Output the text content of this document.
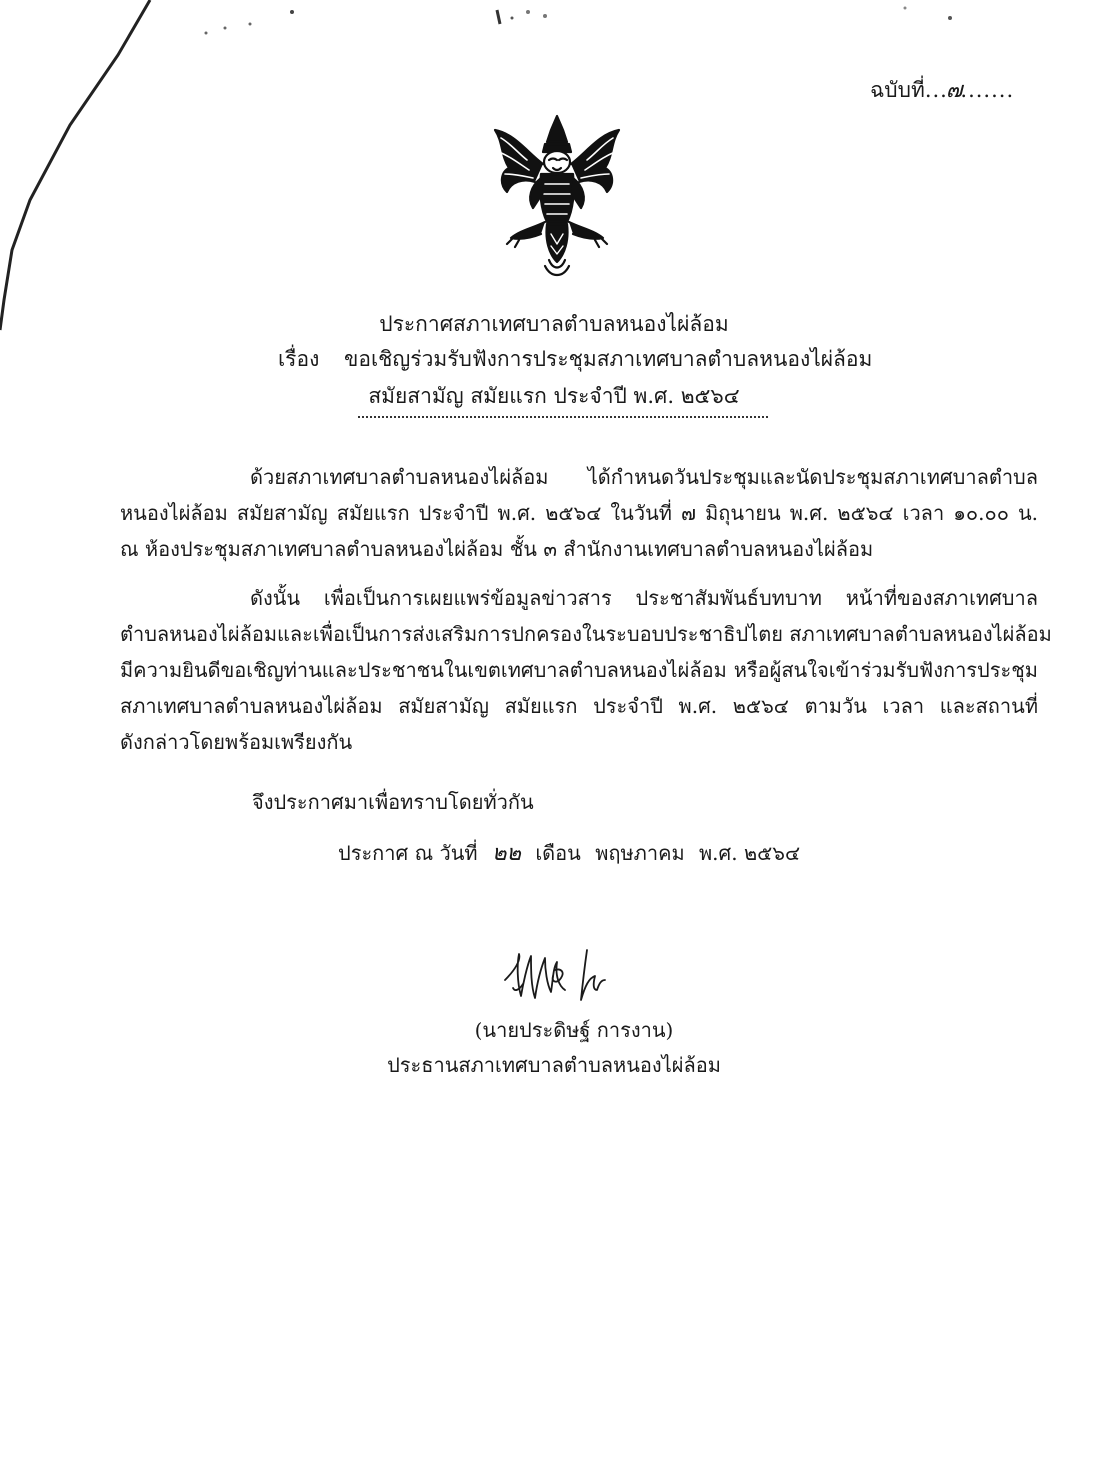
ฉบับที่...๗.......
ประกาศสภาเทศบาลตำบลหนองไผ่ล้อม
เรื่อง ขอเชิญร่วมรับฟังการประชุมสภาเทศบาลตำบลหนองไผ่ล้อม
สมัยสามัญ สมัยแรก ประจำปี พ.ศ. ๒๕๖๔
ด้วยสภาเทศบาลตำบลหนองไผ่ล้อม ได้กำหนดวันประชุมและนัดประชุมสภาเทศบาลตำบล
หนองไผ่ล้อม สมัยสามัญ สมัยแรก ประจำปี พ.ศ. ๒๕๖๔ ในวันที่ ๗ มิถุนายน พ.ศ. ๒๕๖๔ เวลา ๑๐.๐๐ น.
ณ ห้องประชุมสภาเทศบาลตำบลหนองไผ่ล้อม ชั้น ๓ สำนักงานเทศบาลตำบลหนองไผ่ล้อม
ดังนั้น เพื่อเป็นการเผยแพร่ข้อมูลข่าวสาร ประชาสัมพันธ์บทบาท หน้าที่ของสภาเทศบาล
ตำบลหนองไผ่ล้อมและเพื่อเป็นการส่งเสริมการปกครองในระบอบประชาธิปไตย สภาเทศบาลตำบลหนองไผ่ล้อม
มีความยินดีขอเชิญท่านและประชาชนในเขตเทศบาลตำบลหนองไผ่ล้อม หรือผู้สนใจเข้าร่วมรับฟังการประชุม
สภาเทศบาลตำบลหนองไผ่ล้อม สมัยสามัญ สมัยแรก ประจำปี พ.ศ. ๒๕๖๔ ตามวัน เวลา และสถานที่
ดังกล่าวโดยพร้อมเพรียงกัน
จึงประกาศมาเพื่อทราบโดยทั่วกัน
ประกาศ ณ วันที่ ๒๒ เดือน พฤษภาคม พ.ศ. ๒๕๖๔
(นายประดิษฐ์ การงาน)
ประธานสภาเทศบาลตำบลหนองไผ่ล้อม
